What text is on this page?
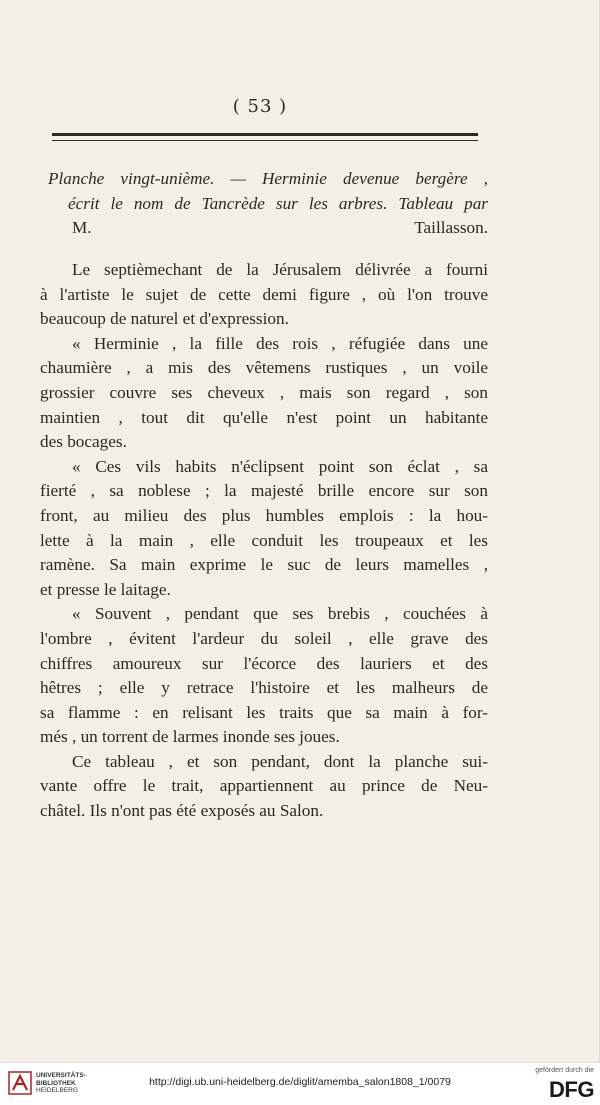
( 53 )
Planche vingt-unième. — Herminie devenue bergère ,
écrit le nom de Tancrède sur les arbres. Tableau par
M. Taillasson.
Le septièmechant de la Jérusalem délivrée a fourni
à l'artiste le sujet de cette demi figure , où l'on trouve
beaucoup de naturel et d'expression.
« Herminie , la fille des rois , réfugiée dans une
chaumière , a mis des vêtemens rustiques , un voile
grossier couvre ses cheveux , mais son regard , son
maintien , tout dit qu'elle n'est point un habitante
des bocages.
« Ces vils habits n'éclipsent point son éclat , sa
fierté , sa noblese ; la majesté brille encore sur son
front, au milieu des plus humbles emplois : la hou-
lette à la main , elle conduit les troupeaux et les
ramène. Sa main exprime le suc de leurs mamelles ,
et presse le laitage.
« Souvent , pendant que ses brebis , couchées à
l'ombre , évitent l'ardeur du soleil , elle grave des
chiffres amoureux sur l'écorce des lauriers et des
hêtres ; elle y retrace l'histoire et les malheurs de
sa flamme : en relisant les traits que sa main à for-
més , un torrent de larmes inonde ses joues.
Ce tableau , et son pendant, dont la planche sui-
vante offre le trait, appartiennent au prince de Neu-
châtel. Ils n'ont pas été exposés au Salon.
UNIVERSITÄTS-
BIBLIOTHEK
HEIDELBERG
http://digi.ub.uni-heidelberg.de/diglit/amemba_salon1808_1/0079
gefördert durch die
DFG
